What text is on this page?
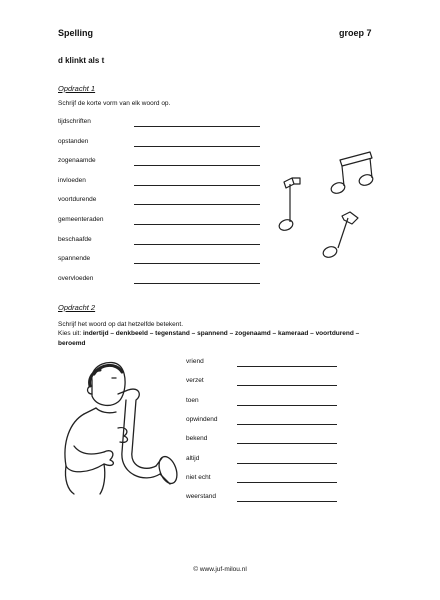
Spelling	groep 7
d klinkt als t
Opdracht 1
Schrijf de korte vorm van elk woord op.
tijdschriften
opstanden
zogenaamde
invloeden
voortdurende
gemeenteraden
beschaafde
spannende
overvloeden
Opdracht 2
Schrijf het woord op dat hetzelfde betekent.
Kies uit: indertijd – denkbeeld – tegenstand – spannend – zogenaamd – kameraad – voortdurend –
beroemd
vriend
verzet
toen
opwindend
bekend
altijd
niet echt
weerstand
© www.juf-milou.nl
